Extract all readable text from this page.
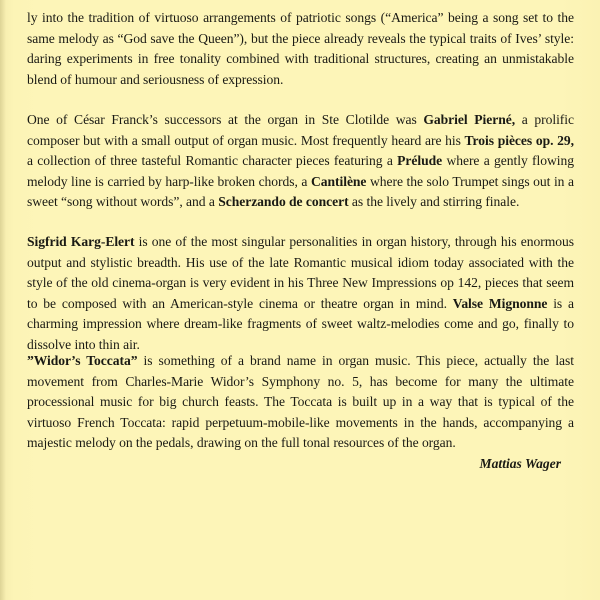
ly into the tradition of virtuoso arrangements of patriotic songs (“America” being a song set to the same melody as “God save the Queen”), but the piece already reveals the typical traits of Ives’ style: daring experiments in free tonality combined with traditional structures, creating an unmistakable blend of humour and seriousness of expression.

One of César Franck’s successors at the organ in Ste Clotilde was Gabriel Pierné, a prolific composer but with a small output of organ music. Most frequently heard are his Trois pièces op. 29, a collection of three tasteful Romantic character pieces featuring a Prélude where a gently flowing melody line is carried by harp-like broken chords, a Cantilène where the solo Trumpet sings out in a sweet “song without words”, and a Scherzando de concert as the lively and stirring finale.

Sigfrid Karg-Elert is one of the most singular personalities in organ history, through his enormous output and stylistic breadth. His use of the late Romantic musical idiom today associated with the style of the old cinema-organ is very evident in his Three New Impressions op 142, pieces that seem to be composed with an American-style cinema or theatre organ in mind. Valse Mignonne is a charming impression where dream-like fragments of sweet waltz-melodies come and go, finally to dissolve into thin air.

”Widor’s Toccata” is something of a brand name in organ music. This piece, actually the last movement from Charles-Marie Widor’s Symphony no. 5, has become for many the ultimate processional music for big church feasts. The Toccata is built up in a way that is typical of the virtuoso French Toccata: rapid perpetuum-mobile-like movements in the hands, accompanying a majestic melody on the pedals, drawing on the full tonal resources of the organ.

Mattias Wager
